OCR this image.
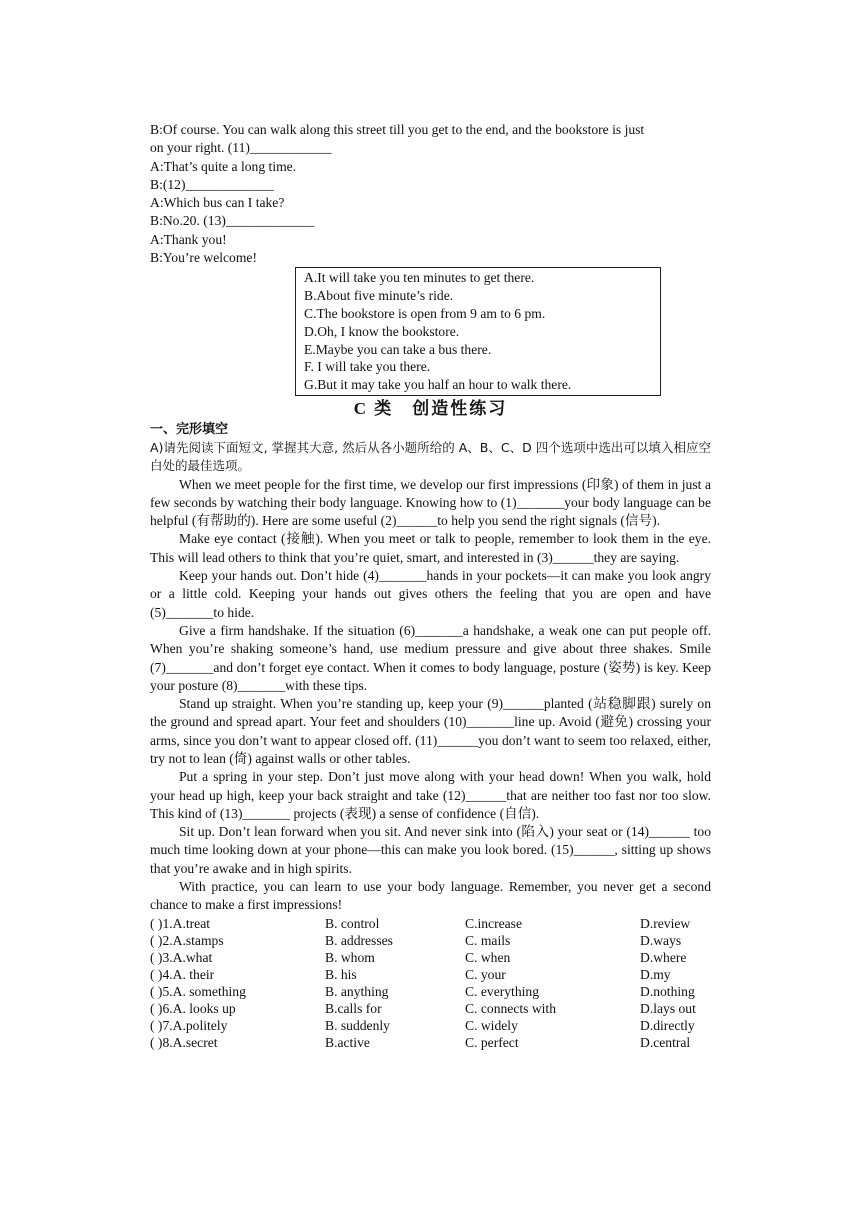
B:Of course. You can walk along this street till you get to the end, and the bookstore is just
on your right. (11)____________
A:That’s quite a long time.
B:(12)_____________
A:Which bus can I take?
B:No.20. (13)_____________
A:Thank you!
B:You’re welcome!
A.It will take you ten minutes to get there.
B.About five minute’s ride.
C.The bookstore is open from 9 am to 6 pm.
D.Oh, I know the bookstore.
E.Maybe you can take a bus there.
F. I will take you there.
G.But it may take you half an hour to walk there.
C 类　创造性练习
一、完形填空
A)请先阅读下面短文, 掌握其大意, 然后从各小题所给的 A、B、C、D 四个选项中选出可以填入相应空白处的最佳选项。
When we meet people for the first time, we develop our first impressions (印象) of them in just a few seconds by watching their body language. Knowing how to (1)_______your body language can be helpful (有帮助的). Here are some useful (2)______to help you send the right signals (信号).
Make eye contact (接触). When you meet or talk to people, remember to look them in the eye. This will lead others to think that you’re quiet, smart, and interested in (3)______they are saying.
Keep your hands out. Don’t hide (4)_______hands in your pockets—it can make you look angry or a little cold. Keeping your hands out gives others the feeling that you are open and have (5)_______to hide.
Give a firm handshake. If the situation (6)_______a handshake, a weak one can put people off. When you’re shaking someone’s hand, use medium pressure and give about three shakes. Smile (7)_______and don’t forget eye contact. When it comes to body language, posture (姿势) is key. Keep your posture (8)_______with these tips.
Stand up straight. When you’re standing up, keep your (9)______planted (站稳脚跟) surely on the ground and spread apart. Your feet and shoulders (10)_______line up. Avoid (避免) crossing your arms, since you don’t want to appear closed off. (11)______you don’t want to seem too relaxed, either, try not to lean (倚) against walls or other tables.
Put a spring in your step. Don’t just move along with your head down! When you walk, hold your head up high, keep your back straight and take (12)______that are neither too fast nor too slow. This kind of (13)_______ projects (表现) a sense of confidence (自信).
Sit up. Don’t lean forward when you sit. And never sink into (陷入) your seat or (14)______ too much time looking down at your phone—this can make you look bored. (15)______, sitting up shows that you’re awake and in high spirits.
With practice, you can learn to use your body language. Remember, you never get a second chance to make a first impressions!
( )1.A.treat	B. control	C.increase	D.review
( )2.A.stamps	B. addresses	C. mails	D.ways
( )3.A.what	B. whom	C. when	D.where
( )4.A. their	B. his	C. your	D.my
( )5.A. something	B. anything	C. everything	D.nothing
( )6.A. looks up	B.calls for	C. connects with	D.lays out
( )7.A.politely	B. suddenly	C. widely	D.directly
( )8.A.secret	B.active	C. perfect	D.central
